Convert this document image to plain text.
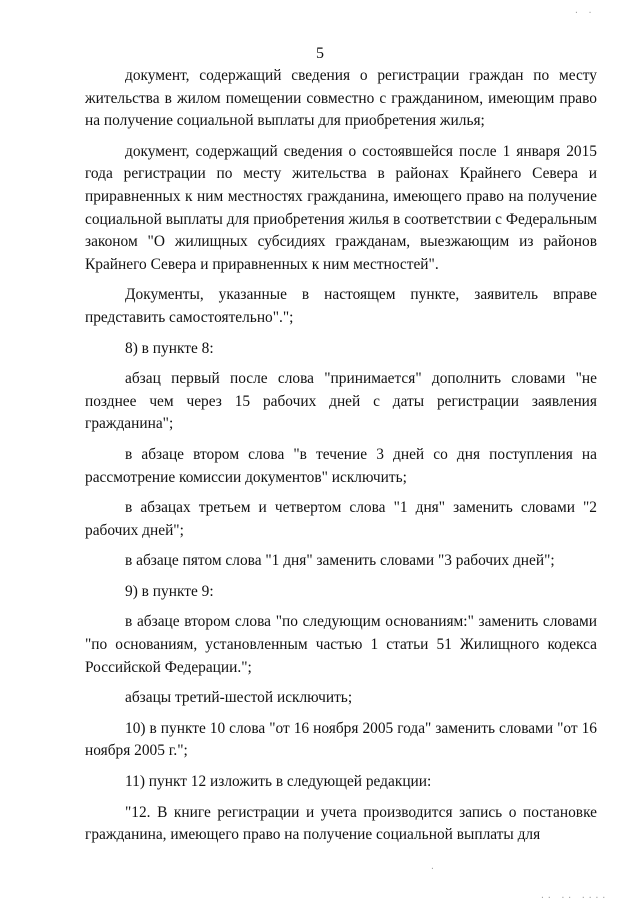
5

документ, содержащий сведения о регистрации граждан по месту жительства в жилом помещении совместно с гражданином, имеющим право на получение социальной выплаты для приобретения жилья;

документ, содержащий сведения о состоявшейся после 1 января 2015 года регистрации по месту жительства в районах Крайнего Севера и приравненных к ним местностях гражданина, имеющего право на получение социальной выплаты для приобретения жилья в соответствии с Федеральным законом "О жилищных субсидиях гражданам, выезжающим из районов Крайнего Севера и приравненных к ним местностей".

Документы, указанные в настоящем пункте, заявитель вправе представить самостоятельно".";

8) в пункте 8:

абзац первый после слова "принимается" дополнить словами "не позднее чем через 15 рабочих дней с даты регистрации заявления гражданина";

в абзаце втором слова "в течение 3 дней со дня поступления на рассмотрение комиссии документов" исключить;

в абзацах третьем и четвертом слова "1 дня" заменить словами "2 рабочих дней";

в абзаце пятом слова "1 дня" заменить словами "3 рабочих дней";

9) в пункте 9:

в абзаце втором слова "по следующим основаниям:" заменить словами "по основаниям, установленным частью 1 статьи 51 Жилищного кодекса Российской Федерации.";

абзацы третий-шестой исключить;

10) в пункте 10 слова "от 16 ноября 2005 года" заменить словами "от 16 ноября 2005 г.";

11) пункт 12 изложить в следующей редакции:

"12. В книге регистрации и учета производится запись о постановке гражданина, имеющего право на получение социальной выплаты для

· ·
·· ·· ····
·
